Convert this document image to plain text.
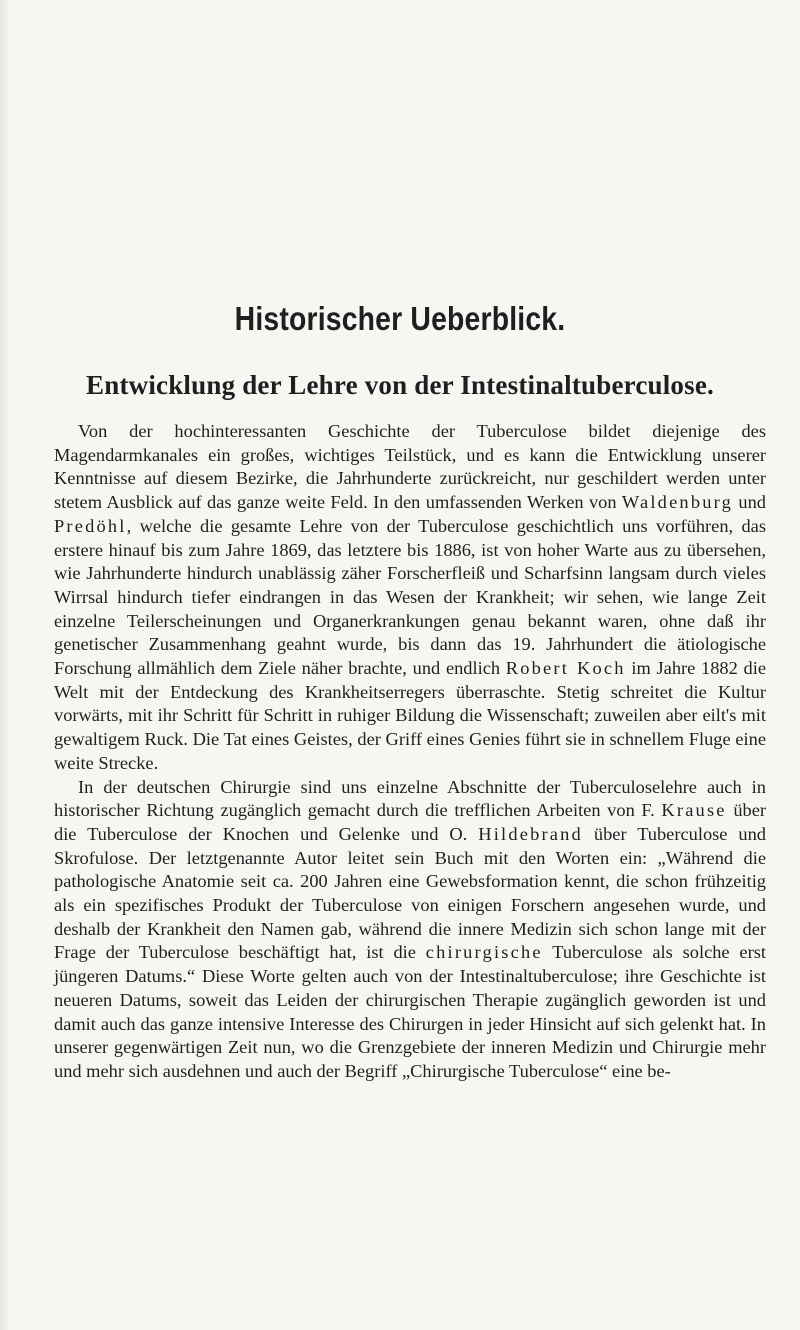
Historischer Ueberblick.
Entwicklung der Lehre von der Intestinaltuberculose.

Von der hochinteressanten Geschichte der Tuberculose bildet diejenige des Magendarmkanales ein großes, wichtiges Teilstück, und es kann die Entwicklung unserer Kenntnisse auf diesem Bezirke, die Jahrhunderte zurückreicht, nur geschildert werden unter stetem Ausblick auf das ganze weite Feld. In den umfassenden Werken von Waldenburg und Predöhl, welche die gesamte Lehre von der Tuberculose geschichtlich uns vorführen, das erstere hinauf bis zum Jahre 1869, das letztere bis 1886, ist von hoher Warte aus zu übersehen, wie Jahrhunderte hindurch unablässig zäher Forscherfleiß und Scharfsinn langsam durch vieles Wirrsal hindurch tiefer eindrangen in das Wesen der Krankheit; wir sehen, wie lange Zeit einzelne Teilerscheinungen und Organerkrankungen genau bekannt waren, ohne daß ihr genetischer Zusammenhang geahnt wurde, bis dann das 19. Jahrhundert die ätiologische Forschung allmählich dem Ziele näher brachte, und endlich Robert Koch im Jahre 1882 die Welt mit der Entdeckung des Krankheitserregers überraschte. Stetig schreitet die Kultur vorwärts, mit ihr Schritt für Schritt in ruhiger Bildung die Wissenschaft; zuweilen aber eilt's mit gewaltigem Ruck. Die Tat eines Geistes, der Griff eines Genies führt sie in schnellem Fluge eine weite Strecke.

In der deutschen Chirurgie sind uns einzelne Abschnitte der Tuberculoselehre auch in historischer Richtung zugänglich gemacht durch die trefflichen Arbeiten von F. Krause über die Tuberculose der Knochen und Gelenke und O. Hildebrand über Tuberculose und Skrofulose. Der letztgenannte Autor leitet sein Buch mit den Worten ein: „Während die pathologische Anatomie seit ca. 200 Jahren eine Gewebsformation kennt, die schon frühzeitig als ein spezifisches Produkt der Tuberculose von einigen Forschern angesehen wurde, und deshalb der Krankheit den Namen gab, während die innere Medizin sich schon lange mit der Frage der Tuberculose beschäftigt hat, ist die chirurgische Tuberculose als solche erst jüngeren Datums.“ Diese Worte gelten auch von der Intestinaltuberculose; ihre Geschichte ist neueren Datums, soweit das Leiden der chirurgischen Therapie zugänglich geworden ist und damit auch das ganze intensive Interesse des Chirurgen in jeder Hinsicht auf sich gelenkt hat. In unserer gegenwärtigen Zeit nun, wo die Grenzgebiete der inneren Medizin und Chirurgie mehr und mehr sich ausdehnen und auch der Begriff „Chirurgische Tuberculose“ eine be-
